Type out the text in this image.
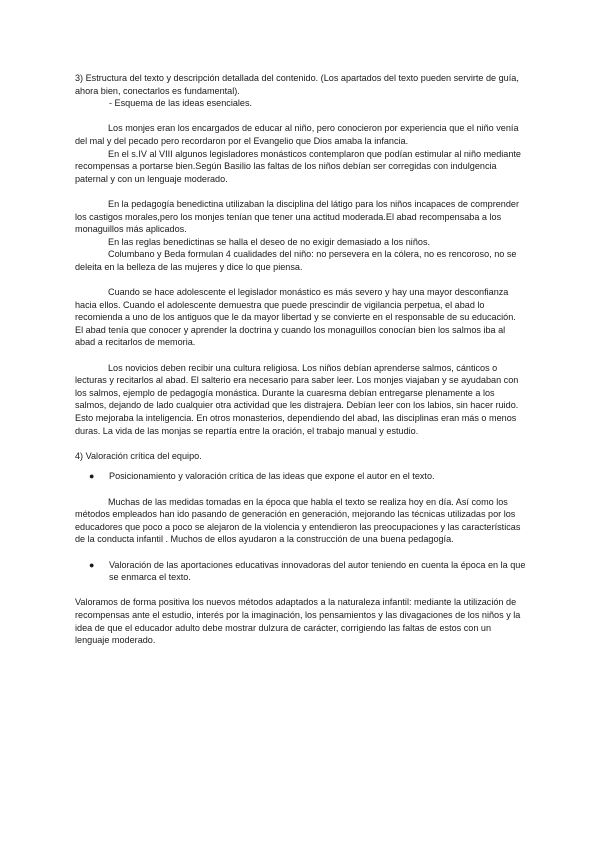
3) Estructura del texto y descripción detallada del contenido. (Los apartados del texto pueden servirte de guía, ahora bien, conectarlos es fundamental).

- Esquema de las ideas esenciales.

Los monjes eran los encargados de educar al niño, pero conocieron por experiencia que el niño venía del mal y del pecado pero recordaron por el Evangelio que Dios amaba la infancia.

En el s.IV al VIII algunos legisladores monásticos contemplaron que podían estimular al niño mediante recompensas a portarse bien.Según Basilio las faltas de los niños debían ser corregidas con indulgencia paternal y con un lenguaje moderado.

En la pedagogía benedictina utilizaban la disciplina del látigo para los niños incapaces de comprender los castigos morales,pero los monjes tenían que tener una actitud moderada.El abad recompensaba a los monaguillos más aplicados.

En las reglas benedictinas se halla el deseo de no exigir demasiado a los niños.

Columbano y Beda formulan 4 cualidades del niño: no persevera en la cólera, no es rencoroso, no se deleita en la belleza de las mujeres y dice lo que piensa.

Cuando se hace adolescente el legislador monástico es más severo y hay una mayor desconfianza hacia ellos. Cuando el adolescente demuestra que puede prescindir de vigilancia perpetua, el abad lo recomienda a uno de los antiguos que le da mayor libertad y se convierte en el responsable de su educación.

El abad tenía que conocer y aprender la doctrina y cuando los monaguillos conocían bien los salmos iba al abad a recitarlos de memoria.

Los novicios deben recibir una cultura religiosa. Los niños debían aprenderse salmos, cánticos o lecturas y recitarlos al abad. El salterio era necesario para saber leer. Los monjes viajaban y se ayudaban con los salmos, ejemplo de pedagogía monástica. Durante la cuaresma debían entregarse plenamente a los salmos, dejando de lado cualquier otra actividad que les distrajera. Debían leer con los labios, sin hacer ruido. Esto mejoraba la inteligencia. En otros monasterios, dependiendo del abad, las disciplinas eran más o menos duras. La vida de las monjas se repartía entre la oración, el trabajo manual y estudio.

4) Valoración crítica del equipo.

●	Posicionamiento y valoración crítica de las ideas que expone el autor en el texto.

Muchas de las medidas tomadas en la época que habla el texto se realiza hoy en día. Así como los métodos empleados han ido pasando de generación en generación, mejorando las técnicas utilizadas por los educadores que poco a poco se alejaron de la violencia y entendieron las preocupaciones y las características de la conducta infantil . Muchos de ellos ayudaron a la construcción de una buena pedagogía.

●	Valoración de las aportaciones educativas innovadoras del autor teniendo en cuenta la época en la que se enmarca el texto.

Valoramos de forma positiva los nuevos métodos adaptados a la naturaleza infantil: mediante la utilización de recompensas ante el estudio, interés por la imaginación, los pensamientos y las divagaciones de los niños y la idea de que el educador adulto debe mostrar dulzura de carácter, corrigiendo las faltas de estos con un lenguaje moderado.
